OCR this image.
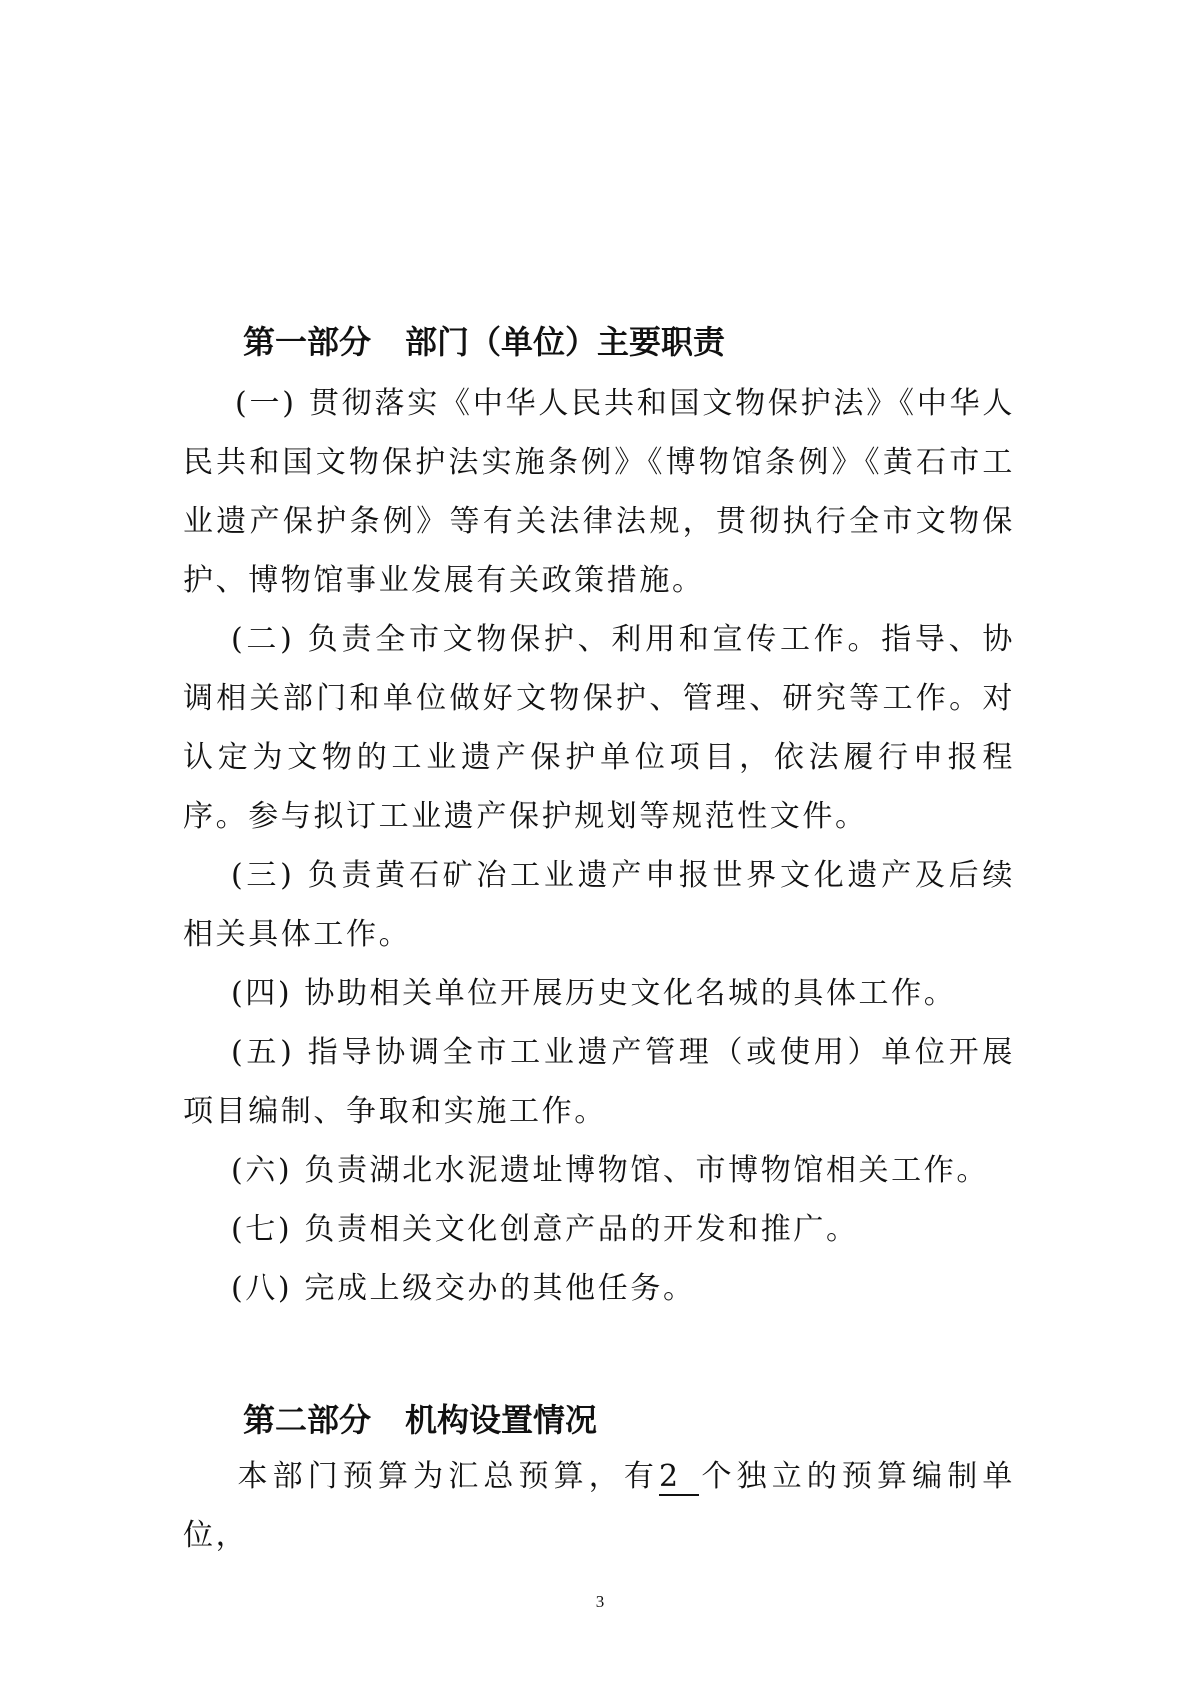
第一部分 部门（单位）主要职责

(一) 贯彻落实《中华人民共和国文物保护法》《中华人民共和国文物保护法实施条例》《博物馆条例》《黄石市工业遗产保护条例》等有关法律法规，贯彻执行全市文物保护、博物馆事业发展有关政策措施。

(二) 负责全市文物保护、利用和宣传工作。指导、协调相关部门和单位做好文物保护、管理、研究等工作。对认定为文物的工业遗产保护单位项目，依法履行申报程序。参与拟订工业遗产保护规划等规范性文件。

(三) 负责黄石矿冶工业遗产申报世界文化遗产及后续相关具体工作。

(四) 协助相关单位开展历史文化名城的具体工作。

(五) 指导协调全市工业遗产管理（或使用）单位开展项目编制、争取和实施工作。

(六) 负责湖北水泥遗址博物馆、市博物馆相关工作。

(七) 负责相关文化创意产品的开发和推广。

(八) 完成上级交办的其他任务。

第二部分 机构设置情况

本部门预算为汇总预算，有2 个独立的预算编制单位，

3
